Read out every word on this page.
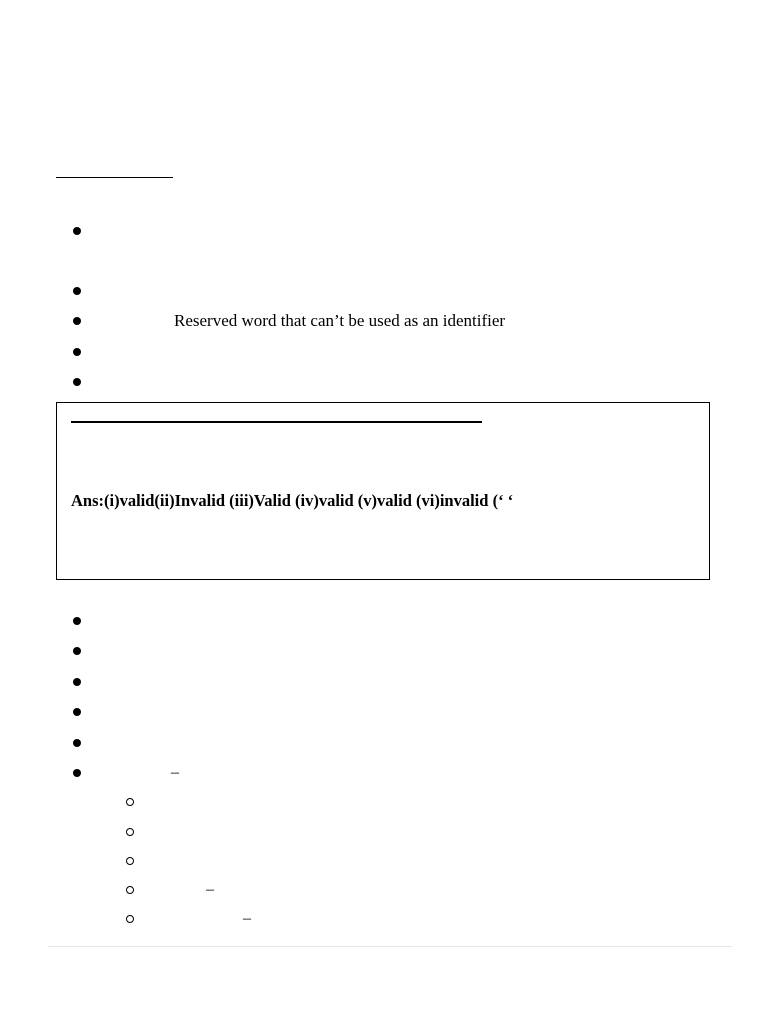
Reserved word that can’t be used as an identifier
Ans:(i)valid(ii)Invalid (iii)Valid (iv)valid (v)valid (vi)invalid (‘ ‘
–
–
–
